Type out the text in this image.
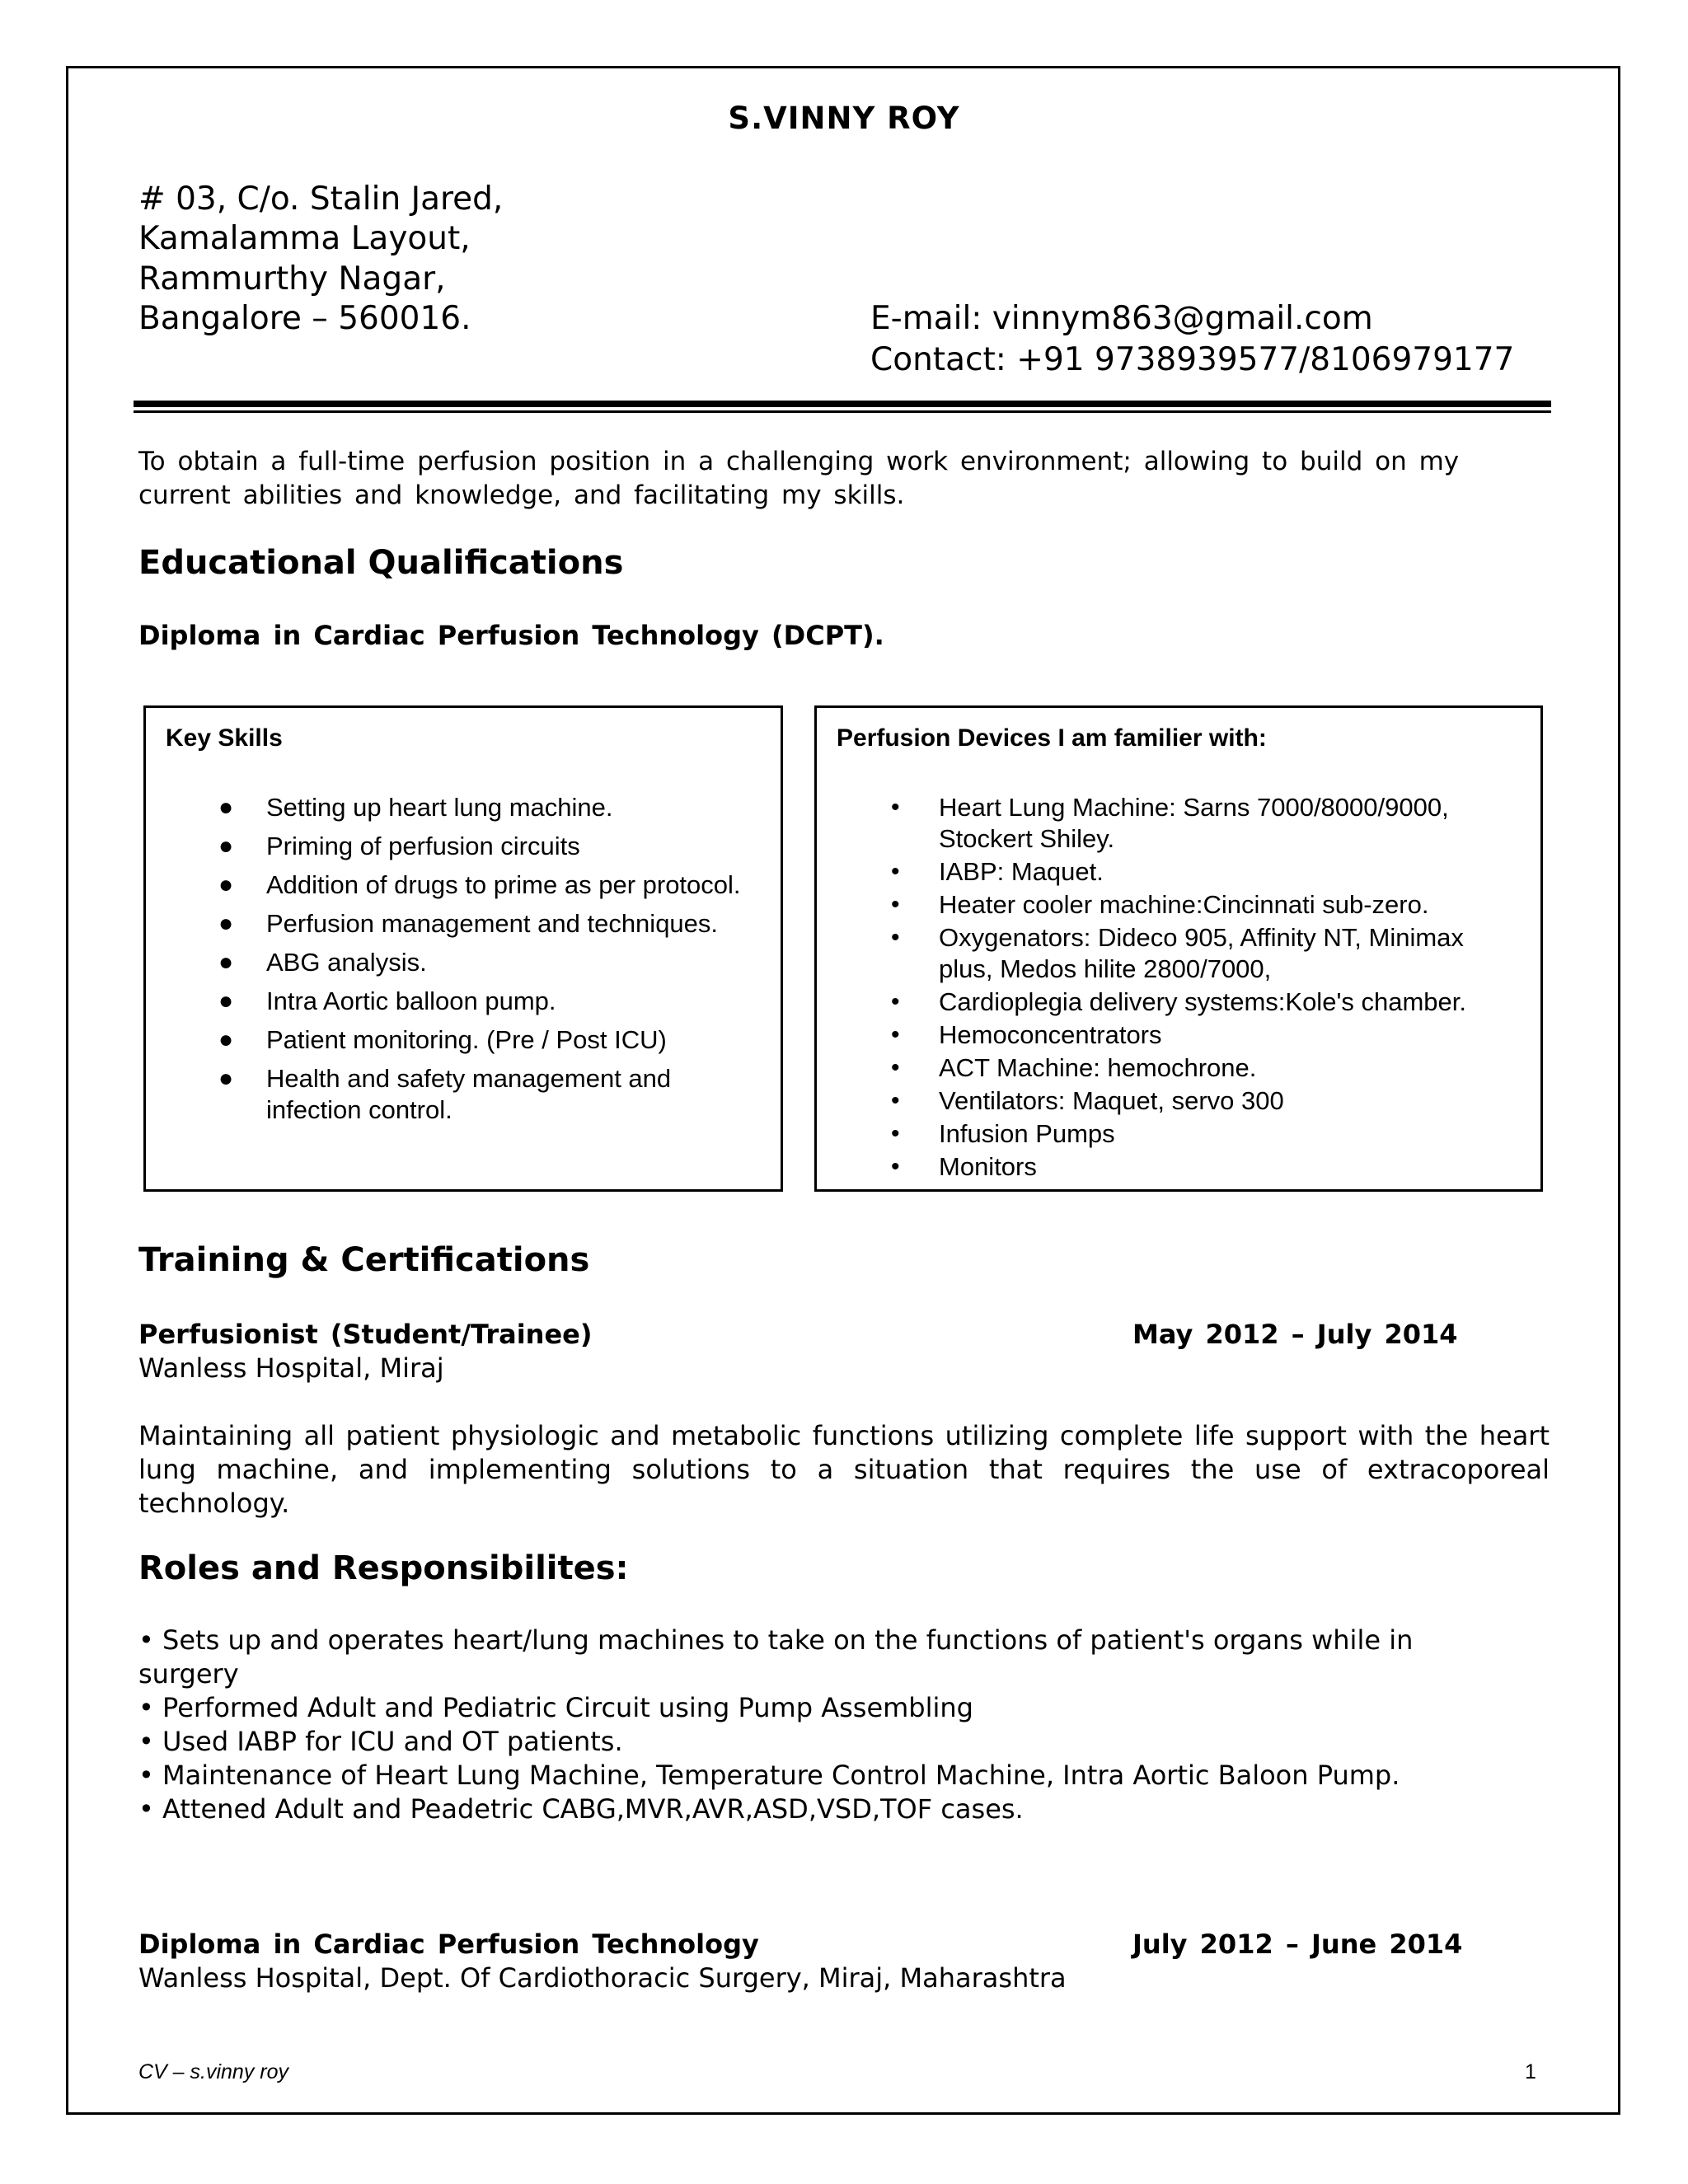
S.VINNY ROY

# 03, C/o. Stalin Jared,

Kamalamma Layout,

Rammurthy Nagar,

Bangalore – 560016.	E-mail: vinnym863@gmail.com

Contact: +91 9738939577/8106979177

To obtain a full-time perfusion position in a challenging work environment; allowing to build on my current abilities and knowledge, and facilitating my skills.

Educational Qualifications

Diploma in Cardiac Perfusion Technology (DCPT).

Key Skills
● Setting up heart lung machine.
● Priming of perfusion circuits
● Addition of drugs to prime as per protocol.
● Perfusion management and techniques.
● ABG analysis.
● Intra Aortic balloon pump.
● Patient monitoring. (Pre / Post ICU)
● Health and safety management and infection control.
Perfusion Devices I am familier with:
• Heart Lung Machine: Sarns 7000/8000/9000, Stockert Shiley.
• IABP: Maquet.
• Heater cooler machine:Cincinnati sub-zero.
• Oxygenators: Dideco 905, Affinity NT, Minimax plus, Medos hilite 2800/7000,
• Cardioplegia delivery systems:Kole's chamber.
• Hemoconcentrators
• ACT Machine: hemochrone.
• Ventilators: Maquet, servo 300
• Infusion Pumps
• Monitors

Training & Certifications

Perfusionist (Student/Trainee)	May 2012 – July 2014

Wanless Hospital, Miraj

Maintaining all patient physiologic and metabolic functions utilizing complete life support with the heart lung machine, and implementing solutions to a situation that requires the use of extracoporeal technology.

Roles and Responsibilites:

• Sets up and operates heart/lung machines to take on the functions of patient's organs while in surgery
• Performed Adult and Pediatric Circuit using Pump Assembling
• Used IABP for ICU and OT patients.
• Maintenance of Heart Lung Machine, Temperature Control Machine, Intra Aortic Baloon Pump.
• Attened Adult and Peadetric CABG,MVR,AVR,ASD,VSD,TOF cases.

Diploma in Cardiac Perfusion Technology	July 2012 – June 2014

Wanless Hospital, Dept. Of Cardiothoracic Surgery, Miraj, Maharashtra

CV – s.vinny roy	1
